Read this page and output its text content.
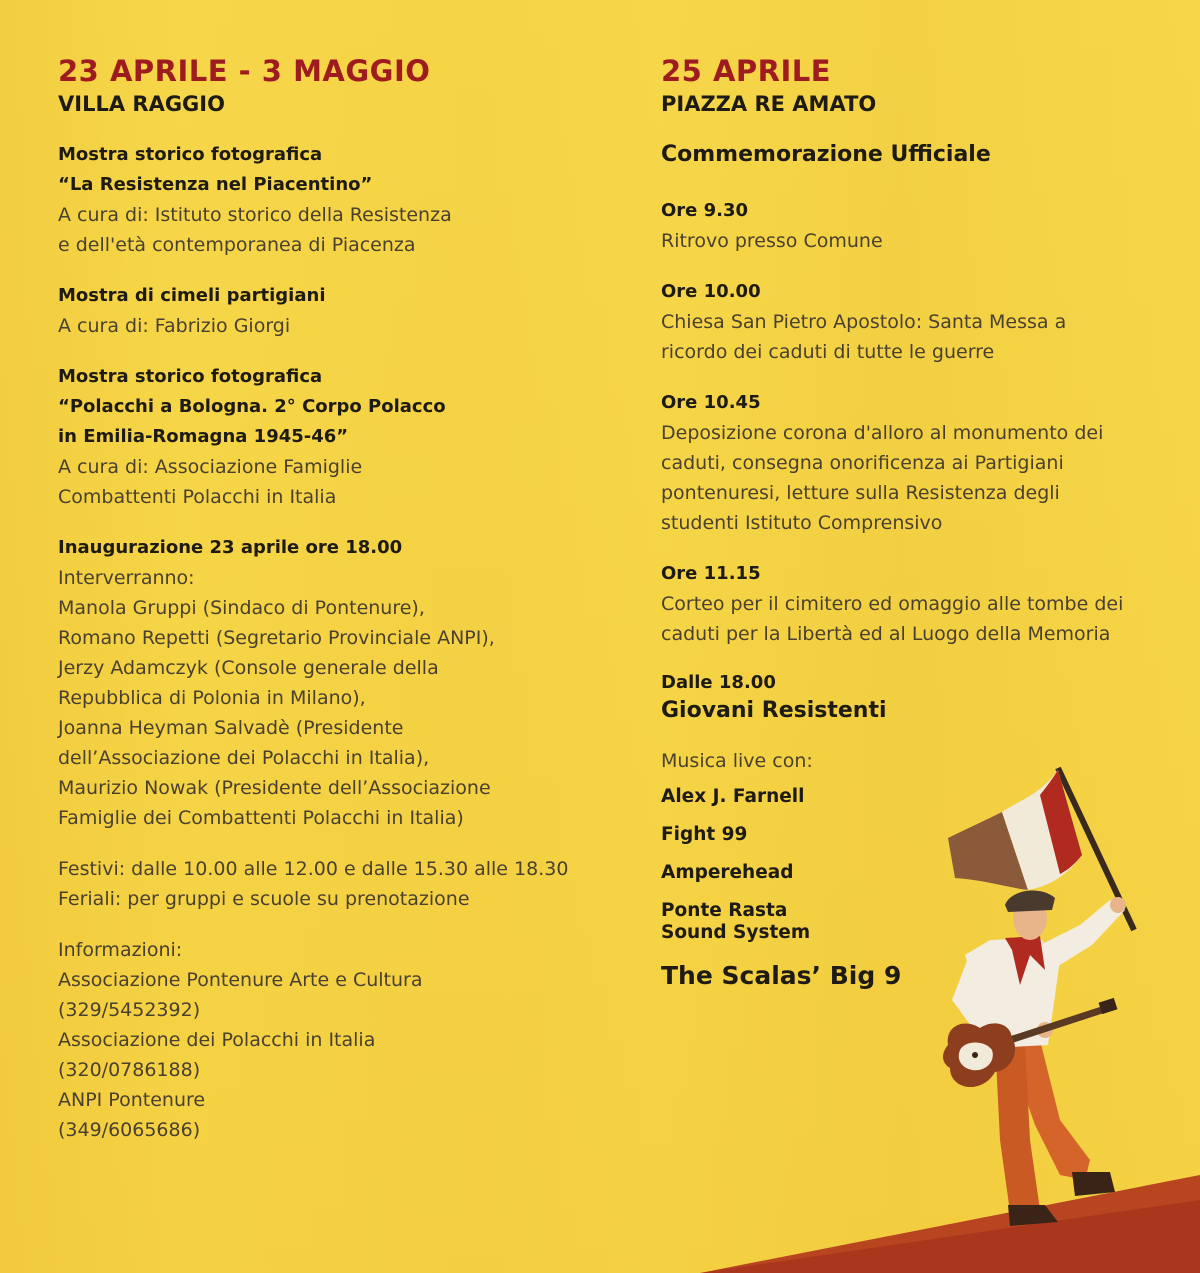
23 APRILE - 3 MAGGIO
VILLA RAGGIO
Mostra storico fotografica
“La Resistenza nel Piacentino”
A cura di: Istituto storico della Resistenza
e dell'età contemporanea di Piacenza
Mostra di cimeli partigiani
A cura di: Fabrizio Giorgi
Mostra storico fotografica
“Polacchi a Bologna. 2° Corpo Polacco
in Emilia-Romagna 1945-46”
A cura di: Associazione Famiglie
Combattenti Polacchi in Italia
Inaugurazione 23 aprile ore 18.00
Interverranno:
Manola Gruppi (Sindaco di Pontenure),
Romano Repetti (Segretario Provinciale ANPI),
Jerzy Adamczyk (Console generale della
Repubblica di Polonia in Milano),
Joanna Heyman Salvadè (Presidente
dell’Associazione dei Polacchi in Italia),
Maurizio Nowak (Presidente dell’Associazione
Famiglie dei Combattenti Polacchi in Italia)
Festivi: dalle 10.00 alle 12.00 e dalle 15.30 alle 18.30
Feriali: per gruppi e scuole su prenotazione
Informazioni:
Associazione Pontenure Arte e Cultura
(329/5452392)
Associazione dei Polacchi in Italia
(320/0786188)
ANPI Pontenure
(349/6065686)
25 APRILE
PIAZZA RE AMATO
Commemorazione Ufficiale
Ore 9.30
Ritrovo presso Comune
Ore 10.00
Chiesa San Pietro Apostolo: Santa Messa a
ricordo dei caduti di tutte le guerre
Ore 10.45
Deposizione corona d'alloro al monumento dei
caduti, consegna onorificenza ai Partigiani
pontenuresi, letture sulla Resistenza degli
studenti Istituto Comprensivo
Ore 11.15
Corteo per il cimitero ed omaggio alle tombe dei
caduti per la Libertà ed al Luogo della Memoria
Dalle 18.00
Giovani Resistenti
Musica live con:
Alex J. Farnell
Fight 99
Amperehead
Ponte Rasta
Sound System
The Scalas’ Big 9
